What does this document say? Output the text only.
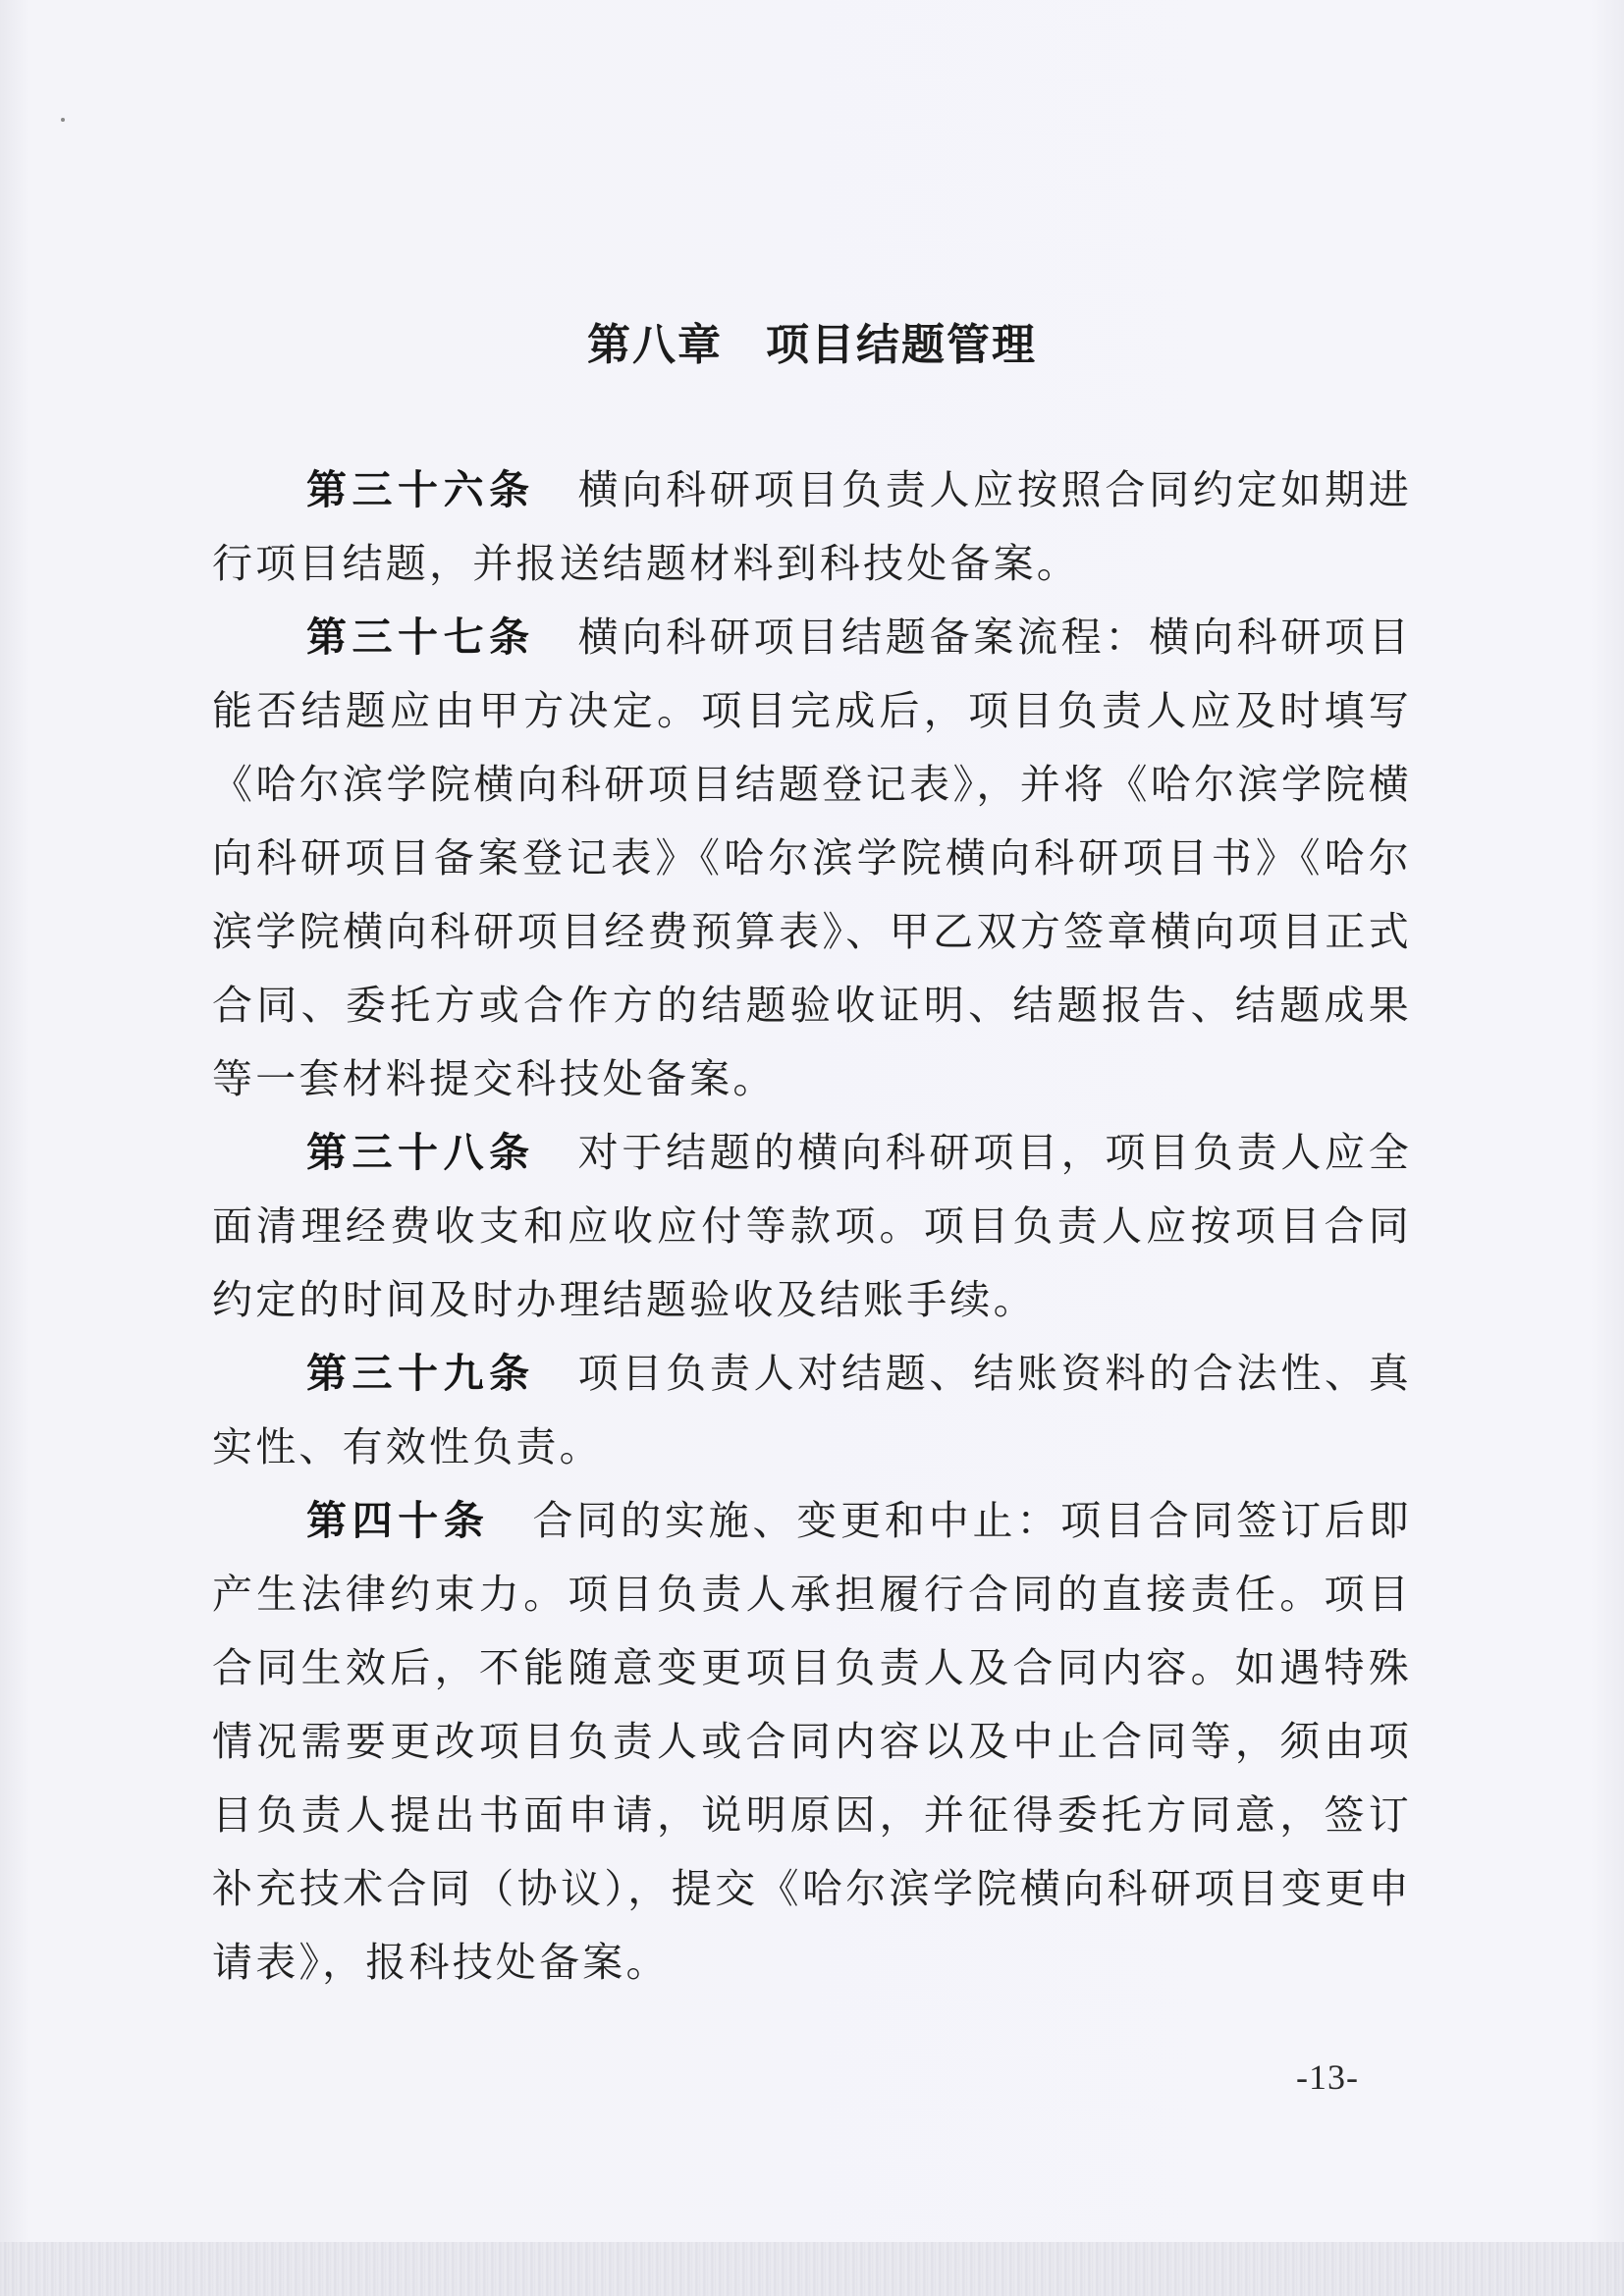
第八章 项目结题管理

第三十六条 横向科研项目负责人应按照合同约定如期进行项目结题，并报送结题材料到科技处备案。

第三十七条 横向科研项目结题备案流程：横向科研项目能否结题应由甲方决定。项目完成后，项目负责人应及时填写《哈尔滨学院横向科研项目结题登记表》，并将《哈尔滨学院横向科研项目备案登记表》《哈尔滨学院横向科研项目书》《哈尔滨学院横向科研项目经费预算表》、甲乙双方签章横向项目正式合同、委托方或合作方的结题验收证明、结题报告、结题成果等一套材料提交科技处备案。

第三十八条 对于结题的横向科研项目，项目负责人应全面清理经费收支和应收应付等款项。项目负责人应按项目合同约定的时间及时办理结题验收及结账手续。

第三十九条 项目负责人对结题、结账资料的合法性、真实性、有效性负责。

第四十条 合同的实施、变更和中止：项目合同签订后即产生法律约束力。项目负责人承担履行合同的直接责任。项目合同生效后，不能随意变更项目负责人及合同内容。如遇特殊情况需要更改项目负责人或合同内容以及中止合同等，须由项目负责人提出书面申请，说明原因，并征得委托方同意，签订补充技术合同（协议），提交《哈尔滨学院横向科研项目变更申请表》，报科技处备案。

-13-
